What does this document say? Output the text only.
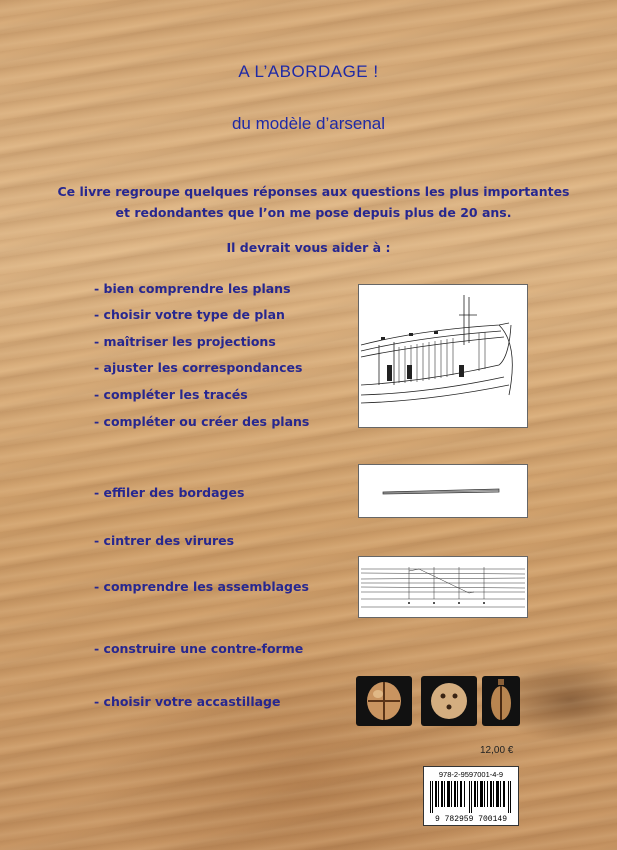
A L’ABORDAGE !
du modèle d’arsenal
Ce livre regroupe quelques réponses aux questions les plus importantes
et redondantes que l’on me pose depuis plus de 20 ans.
Il devrait vous aider à :
- bien comprendre les plans
- choisir votre type de plan
- maîtriser les projections
- ajuster les correspondances
- compléter les tracés
- compléter ou créer des plans
- effiler des bordages
- cintrer des virures
- comprendre les assemblages
- construire une contre-forme
- choisir votre accastillage
12,00 €
978-2-9597001-4-9
9 782959 700149
